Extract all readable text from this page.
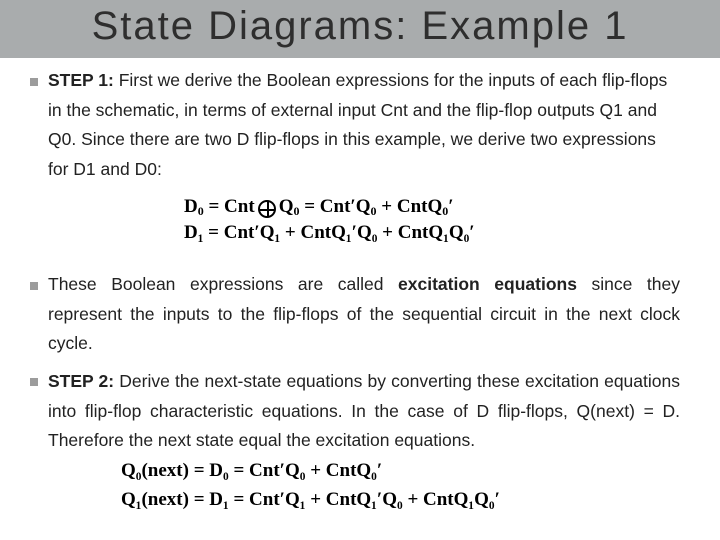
State Diagrams: Example 1
STEP 1: First we derive the Boolean expressions for the inputs of each flip-flops in the schematic, in terms of external input Cnt and the flip-flop outputs Q1 and Q0. Since there are two D flip-flops in this example, we derive two expressions for D1 and D0:
$D_0$ = Cnt $Q_0 = Cnt'Q_0$ + CntQ$_0$′
D₁ = Cnt′Q₁ + CntQ₁′Q₀ + CntQ₁Q₀′
These Boolean expressions are called excitation equations since they represent the inputs to the flip-flops of the sequential circuit in the next clock cycle.
STEP 2: Derive the next-state equations by converting these excitation equations into flip-flop characteristic equations. In the case of D flip-flops, Q(next) = D. Therefore the next state equal the excitation equations.
Q₀(next) = D₀ = Cnt′Q₀ + CntQ₀′
Q₁(next) = D₁ = Cnt′Q₁ + CntQ₁′Q₀ + CntQ₁Q₀′
